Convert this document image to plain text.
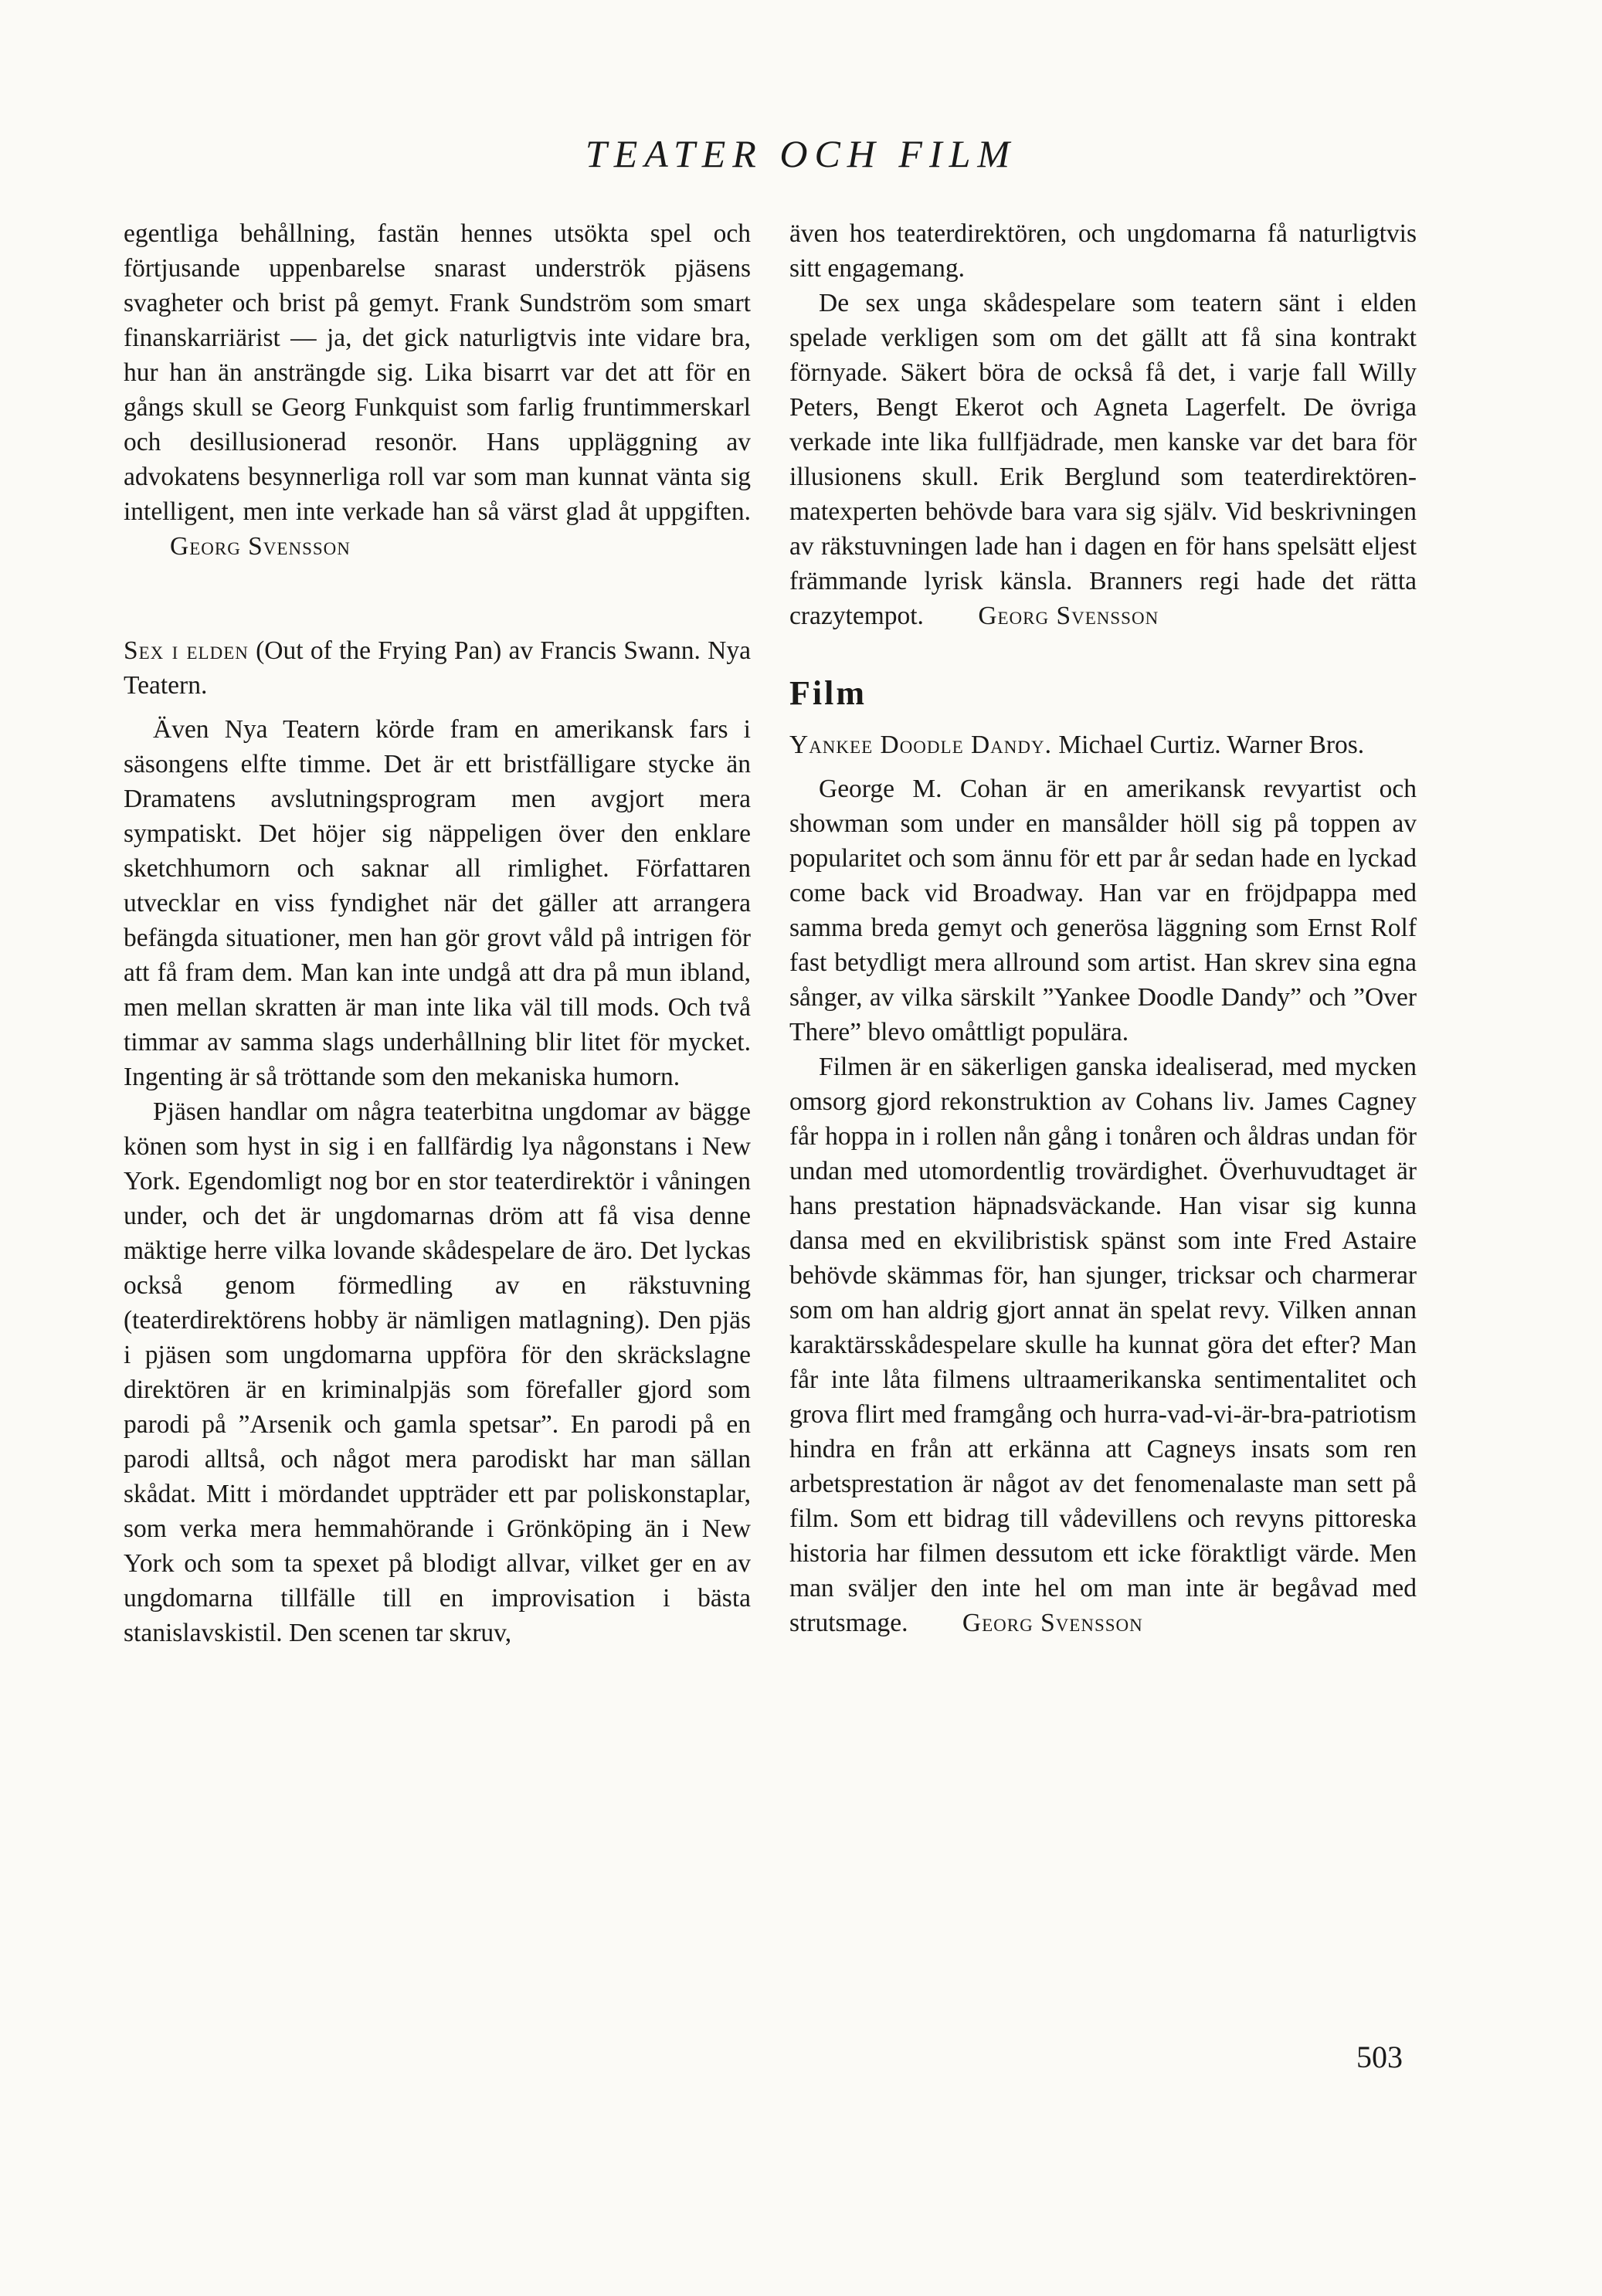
TEATER OCH FILM

egentliga behållning, fastän hennes utsökta spel och förtjusande uppenbarelse snarast underströk pjäsens svagheter och brist på gemyt. Frank Sundström som smart finanskarriärist — ja, det gick naturligtvis inte vidare bra, hur han än ansträngde sig. Lika bisarrt var det att för en gångs skull se Georg Funkquist som farlig fruntimmerskarl och desillusionerad resonör. Hans uppläggning av advokatens besynnerliga roll var som man kunnat vänta sig intelligent, men inte verkade han så värst glad åt uppgiften. Georg Svensson

Sex i elden (Out of the Frying Pan) av Francis Swann. Nya Teatern.

Även Nya Teatern körde fram en amerikansk fars i säsongens elfte timme. Det är ett bristfälligare stycke än Dramatens avslutningsprogram men avgjort mera sympatiskt. Det höjer sig näppeligen över den enklare sketchhumorn och saknar all rimlighet. Författaren utvecklar en viss fyndighet när det gäller att arrangera befängda situationer, men han gör grovt våld på intrigen för att få fram dem. Man kan inte undgå att dra på mun ibland, men mellan skratten är man inte lika väl till mods. Och två timmar av samma slags underhållning blir litet för mycket. Ingenting är så tröttande som den mekaniska humorn.

Pjäsen handlar om några teaterbitna ungdomar av bägge könen som hyst in sig i en fallfärdig lya någonstans i New York. Egendomligt nog bor en stor teaterdirektör i våningen under, och det är ungdomarnas dröm att få visa denne mäktige herre vilka lovande skådespelare de äro. Det lyckas också genom förmedling av en räkstuvning (teaterdirektörens hobby är nämligen matlagning). Den pjäs i pjäsen som ungdomarna uppföra för den skräckslagne direktören är en kriminalpjäs som förefaller gjord som parodi på ”Arsenik och gamla spetsar”. En parodi på en parodi alltså, och något mera parodiskt har man sällan skådat. Mitt i mördandet uppträder ett par poliskonstaplar, som verka mera hemmahörande i Grönköping än i New York och som ta spexet på blodigt allvar, vilket ger en av ungdomarna tillfälle till en improvisation i bästa stanislavskistil. Den scenen tar skruv,

även hos teaterdirektören, och ungdomarna få naturligtvis sitt engagemang.

De sex unga skådespelare som teatern sänt i elden spelade verkligen som om det gällt att få sina kontrakt förnyade. Säkert böra de också få det, i varje fall Willy Peters, Bengt Ekerot och Agneta Lagerfelt. De övriga verkade inte lika fullfjädrade, men kanske var det bara för illusionens skull. Erik Berglund som teaterdirektören-matexperten behövde bara vara sig själv. Vid beskrivningen av räkstuvningen lade han i dagen en för hans spelsätt eljest främmande lyrisk känsla. Branners regi hade det rätta crazytempot. Georg Svensson

Film

Yankee Doodle Dandy. Michael Curtiz. Warner Bros.

George M. Cohan är en amerikansk revyartist och showman som under en mansålder höll sig på toppen av popularitet och som ännu för ett par år sedan hade en lyckad come back vid Broadway. Han var en fröjdpappa med samma breda gemyt och generösa läggning som Ernst Rolf fast betydligt mera allround som artist. Han skrev sina egna sånger, av vilka särskilt ”Yankee Doodle Dandy” och ”Over There” blevo omåttligt populära.

Filmen är en säkerligen ganska idealiserad, med mycken omsorg gjord rekonstruktion av Cohans liv. James Cagney får hoppa in i rollen nån gång i tonåren och åldras undan för undan med utomordentlig trovärdighet. Överhuvudtaget är hans prestation häpnadsväckande. Han visar sig kunna dansa med en ekvilibristisk spänst som inte Fred Astaire behövde skämmas för, han sjunger, tricksar och charmerar som om han aldrig gjort annat än spelat revy. Vilken annan karaktärsskådespelare skulle ha kunnat göra det efter? Man får inte låta filmens ultraamerikanska sentimentalitet och grova flirt med framgång och hurra-vad-vi-är-bra-patriotism hindra en från att erkänna att Cagneys insats som ren arbetsprestation är något av det fenomenalaste man sett på film. Som ett bidrag till vådevillens och revyns pittoreska historia har filmen dessutom ett icke föraktligt värde. Men man sväljer den inte hel om man inte är begåvad med strutsmage. Georg Svensson

503
